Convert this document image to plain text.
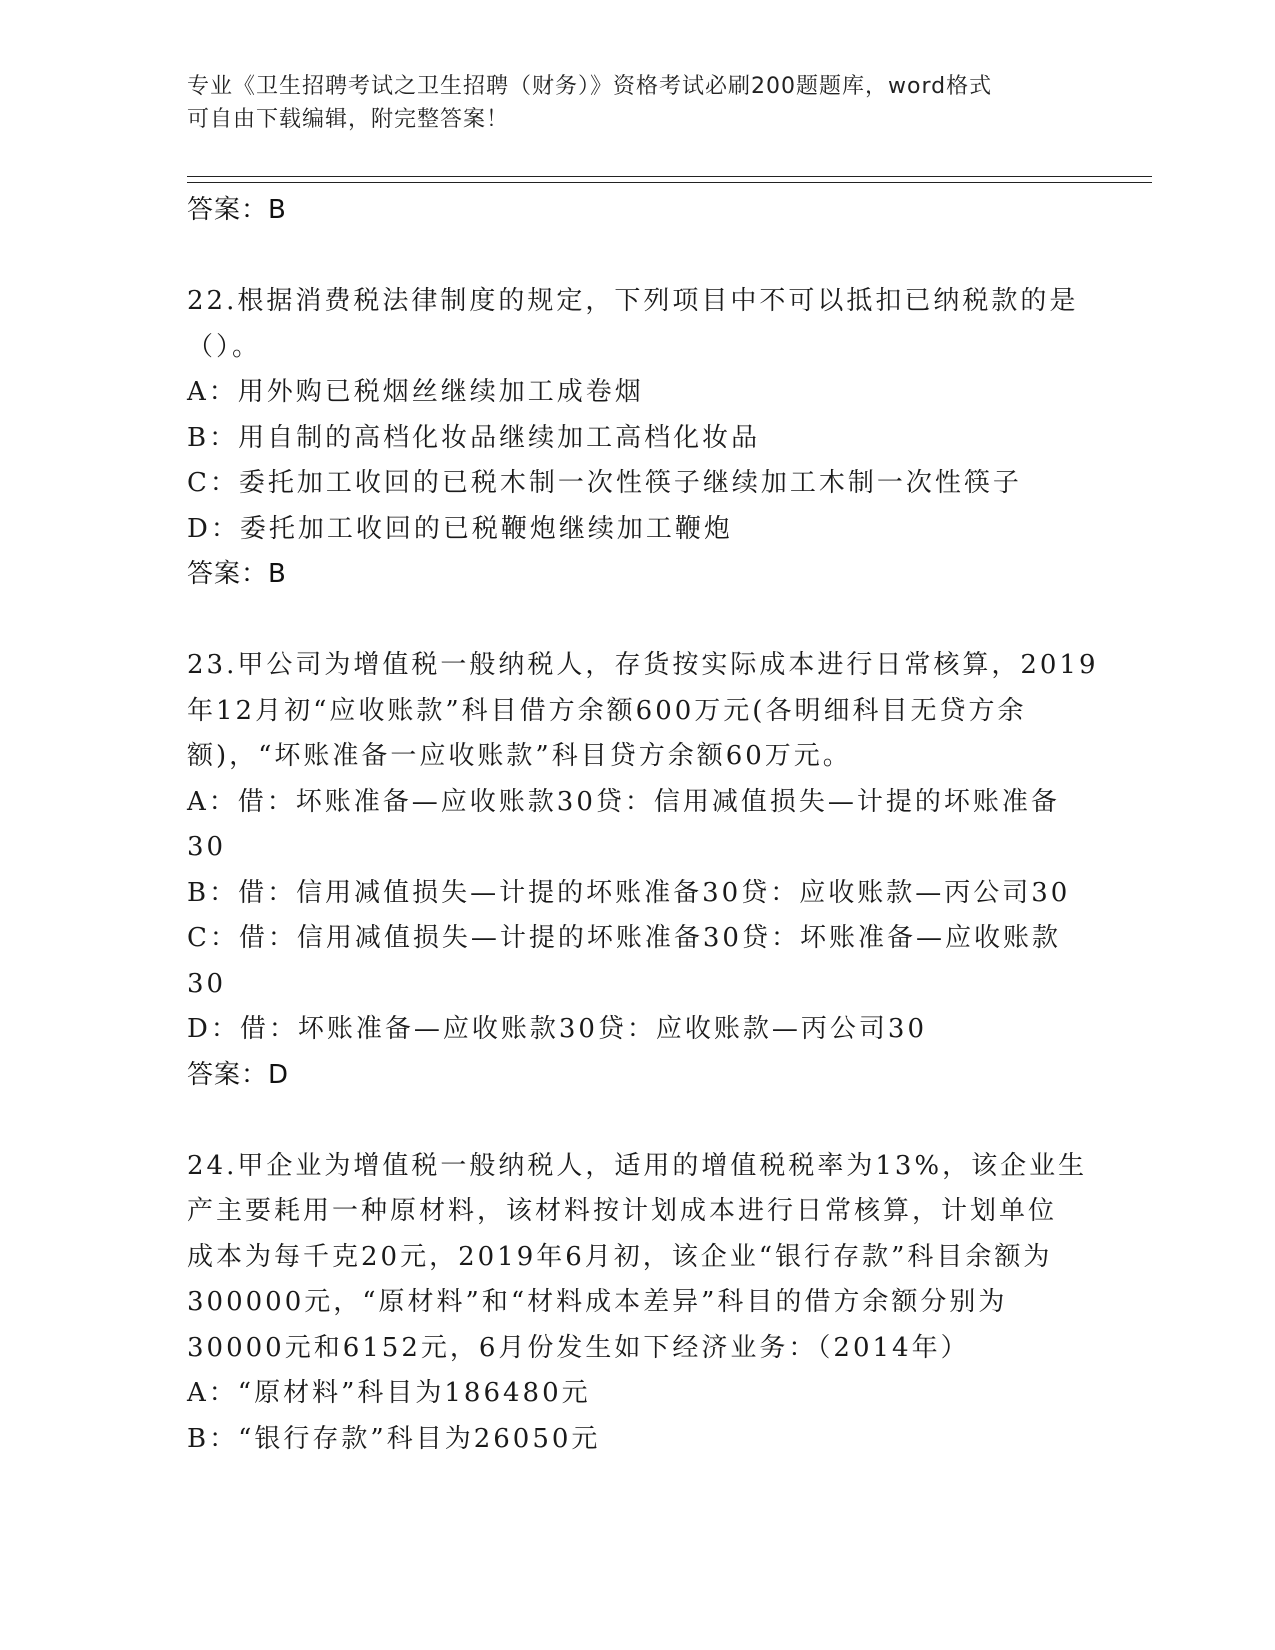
专业《卫生招聘考试之卫生招聘（财务）》资格考试必刷200题题库，word格式
可自由下载编辑，附完整答案！
答案：B
22.根据消费税法律制度的规定，下列项目中不可以抵扣已纳税款的是
（）。
A：用外购已税烟丝继续加工成卷烟
B：用自制的高档化妆品继续加工高档化妆品
C：委托加工收回的已税木制一次性筷子继续加工木制一次性筷子
D：委托加工收回的已税鞭炮继续加工鞭炮
答案：B
23.甲公司为增值税一般纳税人，存货按实际成本进行日常核算，2019
年12月初“应收账款”科目借方余额600万元(各明细科目无贷方余
额)，“坏账准备一应收账款”科目贷方余额60万元。
A：借：坏账准备—应收账款30贷：信用减值损失—计提的坏账准备
30
B：借：信用减值损失—计提的坏账准备30贷：应收账款—丙公司30
C：借：信用减值损失—计提的坏账准备30贷：坏账准备—应收账款
30
D：借：坏账准备—应收账款30贷：应收账款—丙公司30
答案：D
24.甲企业为增值税一般纳税人，适用的增值税税率为13%，该企业生
产主要耗用一种原材料，该材料按计划成本进行日常核算，计划单位
成本为每千克20元，2019年6月初，该企业“银行存款”科目余额为
300000元，“原材料”和“材料成本差异”科目的借方余额分别为
30000元和6152元，6月份发生如下经济业务：（2014年）
A：“原材料”科目为186480元
B：“银行存款”科目为26050元
